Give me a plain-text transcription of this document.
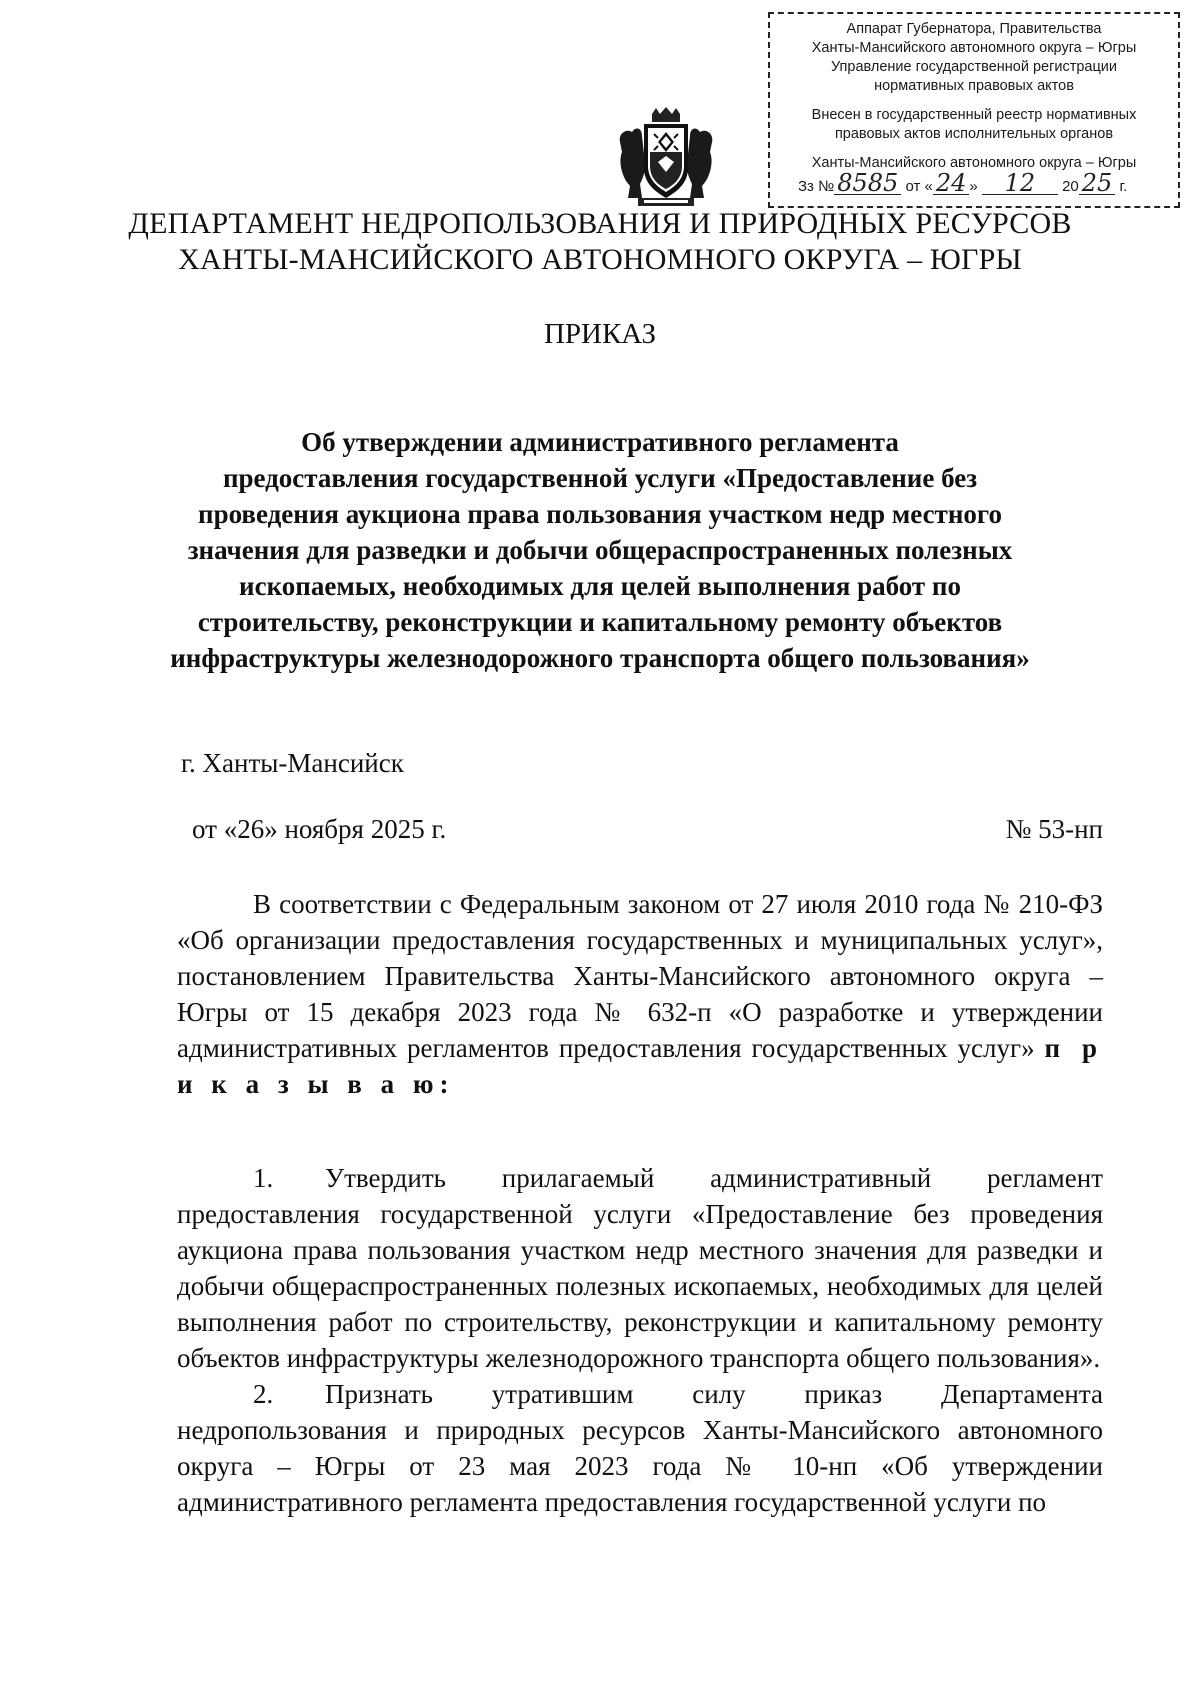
Аппарат Губернатора, Правительства
Ханты-Мансийского автономного округа – Югры
Управление государственной регистрации
нормативных правовых актов
Внесен в государственный реестр нормативных
правовых актов исполнительных органов
Ханты-Мансийского автономного округа – Югры
Зз № 8585 от « 24 » 12 20 25 г.
ДЕПАРТАМЕНТ НЕДРОПОЛЬЗОВАНИЯ И ПРИРОДНЫХ РЕСУРСОВ
ХАНТЫ-МАНСИЙСКОГО АВТОНОМНОГО ОКРУГА – ЮГРЫ
ПРИКАЗ
Об утверждении административного регламента
предоставления государственной услуги «Предоставление без
проведения аукциона права пользования участком недр местного
значения для разведки и добычи общераспространенных полезных
ископаемых, необходимых для целей выполнения работ по
строительству, реконструкции и капитальному ремонту объектов
инфраструктуры железнодорожного транспорта общего пользования»
г. Ханты-Мансийск
от «26» ноября 2025 г.	№ 53-нп

В соответствии с Федеральным законом от 27 июля 2010 года № 210-ФЗ «Об организации предоставления государственных и муниципальных услуг», постановлением Правительства Ханты-Мансийского автономного округа – Югры от 15 декабря 2023 года № 632-п «О разработке и утверждении административных регламентов предоставления государственных услуг» п р и к а з ы в а ю:

1. Утвердить прилагаемый административный регламент предоставления государственной услуги «Предоставление без проведения аукциона права пользования участком недр местного значения для разведки и добычи общераспространенных полезных ископаемых, необходимых для целей выполнения работ по строительству, реконструкции и капитальному ремонту объектов инфраструктуры железнодорожного транспорта общего пользования».

2. Признать утратившим силу приказ Департамента недропользования и природных ресурсов Ханты-Мансийского автономного округа – Югры от 23 мая 2023 года № 10-нп «Об утверждении административного регламента предоставления государственной услуги по
